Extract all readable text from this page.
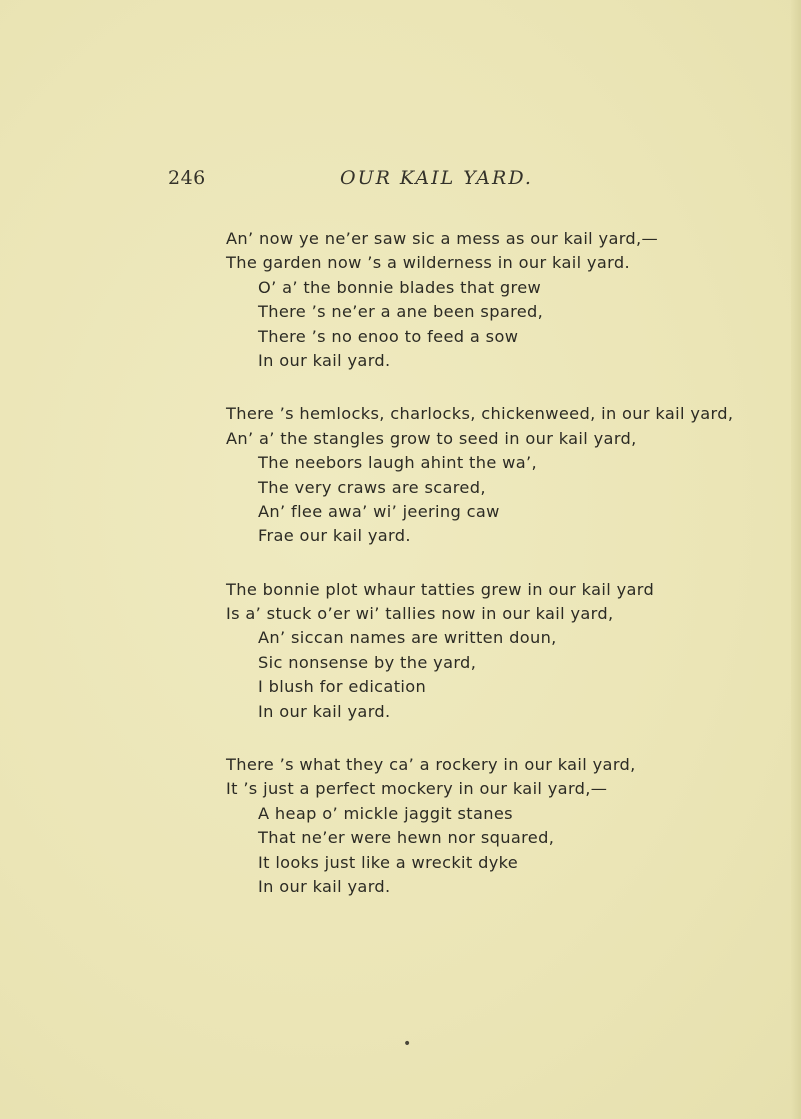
246	OUR KAIL YARD.
An’ now ye ne’er saw sic a mess as our kail yard,—
The garden now ’s a wilderness in our kail yard.
O’ a’ the bonnie blades that grew
There ’s ne’er a ane been spared,
There ’s no enoo to feed a sow
In our kail yard.
There ’s hemlocks, charlocks, chickenweed, in our kail yard,
An’ a’ the stangles grow to seed in our kail yard,
The neebors laugh ahint the wa’,
The very craws are scared,
An’ flee awa’ wi’ jeering caw
Frae our kail yard.
The bonnie plot whaur tatties grew in our kail yard
Is a’ stuck o’er wi’ tallies now in our kail yard,
An’ siccan names are written doun,
Sic nonsense by the yard,
I blush for edication
In our kail yard.
There ’s what they ca’ a rockery in our kail yard,
It ’s just a perfect mockery in our kail yard,—
A heap o’ mickle jaggit stanes
That ne’er were hewn nor squared,
It looks just like a wreckit dyke
In our kail yard.
•
